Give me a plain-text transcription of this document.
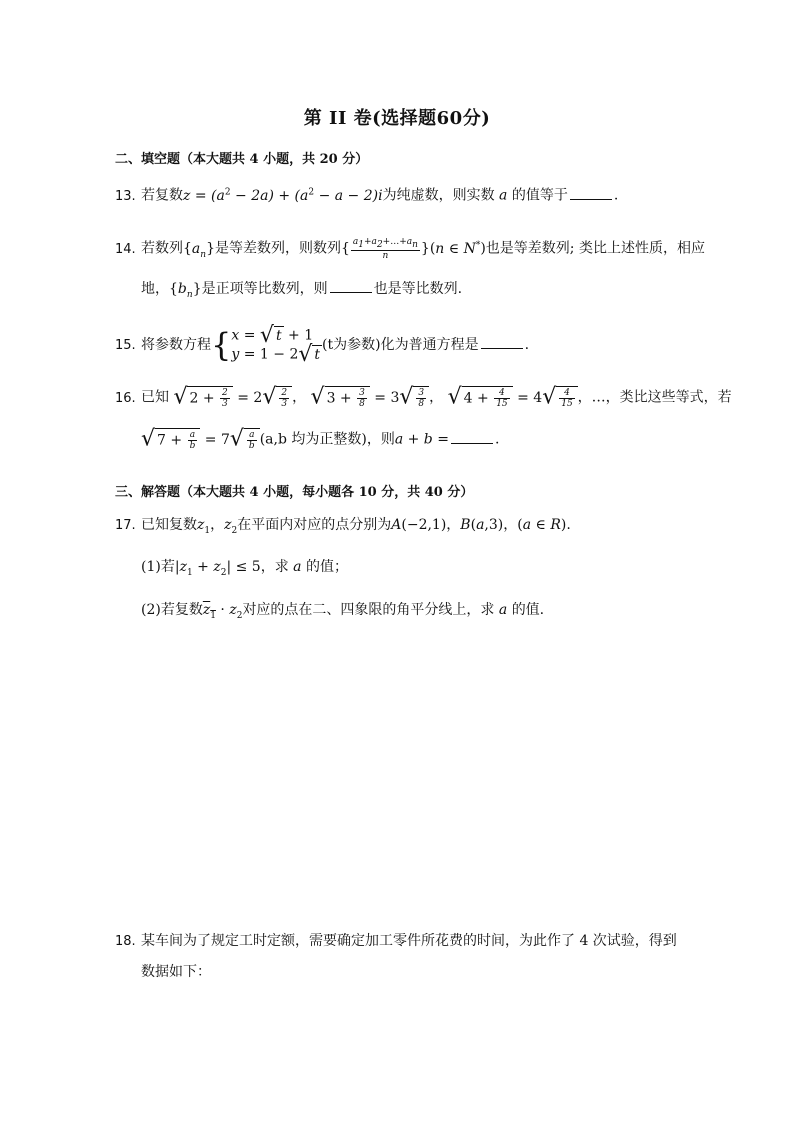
第 II 卷(选择题60分)
二、填空题（本大题共 4 小题，共 20 分）
13. 若复数$z = (a^2 - 2a) + (a^2 - a - 2)i$为纯虚数，则实数 a 的值等于	.
14. 若数列$\{a_n\}$是等差数列，则数列{ $\frac{a_1+a_2+\dots+a_n}{n} \}(n$ ∈ N*)也是等差数列; 类比上述性质，相应
地，$\{b_n\}$是正项等比数列，则	也是等比数列.
15. 将参数方程{ x = √ t + 1
y = 1 − 2√ t
(t为参数)化为普通方程是	.
16. 已知 √ $2 + \frac{2}{3} = 2√ \frac{2}{3}$ ， √ $3 + \frac{3}{8} = 3√ \frac{3}{8}$ ， √ $4 + \frac{4}{15} = 4√ \frac{4}{15}$ ，…，类比这些等式，若
√ $7 + \frac{a}{b} = 7√ \frac{a}{b} (a,b$ 均为正整数)，则a + b =	.
三、解答题（本大题共 4 小题，每小题各 10 分，共 40 分）
17. 已知复数$z_1$，$z_2$在平面内对应的点分别为A(−2,1)，B(a,3)，(a ∈ R).
(1)若$|z_1 + z_2| \le 5$，求 a 的值；
(2)若复数$z_1 \cdot z_2$对应的点在二、四象限的角平分线上，求 a 的值.
18. 某车间为了规定工时定额，需要确定加工零件所花费的时间，为此作了 4 次试验，得到
数据如下：
